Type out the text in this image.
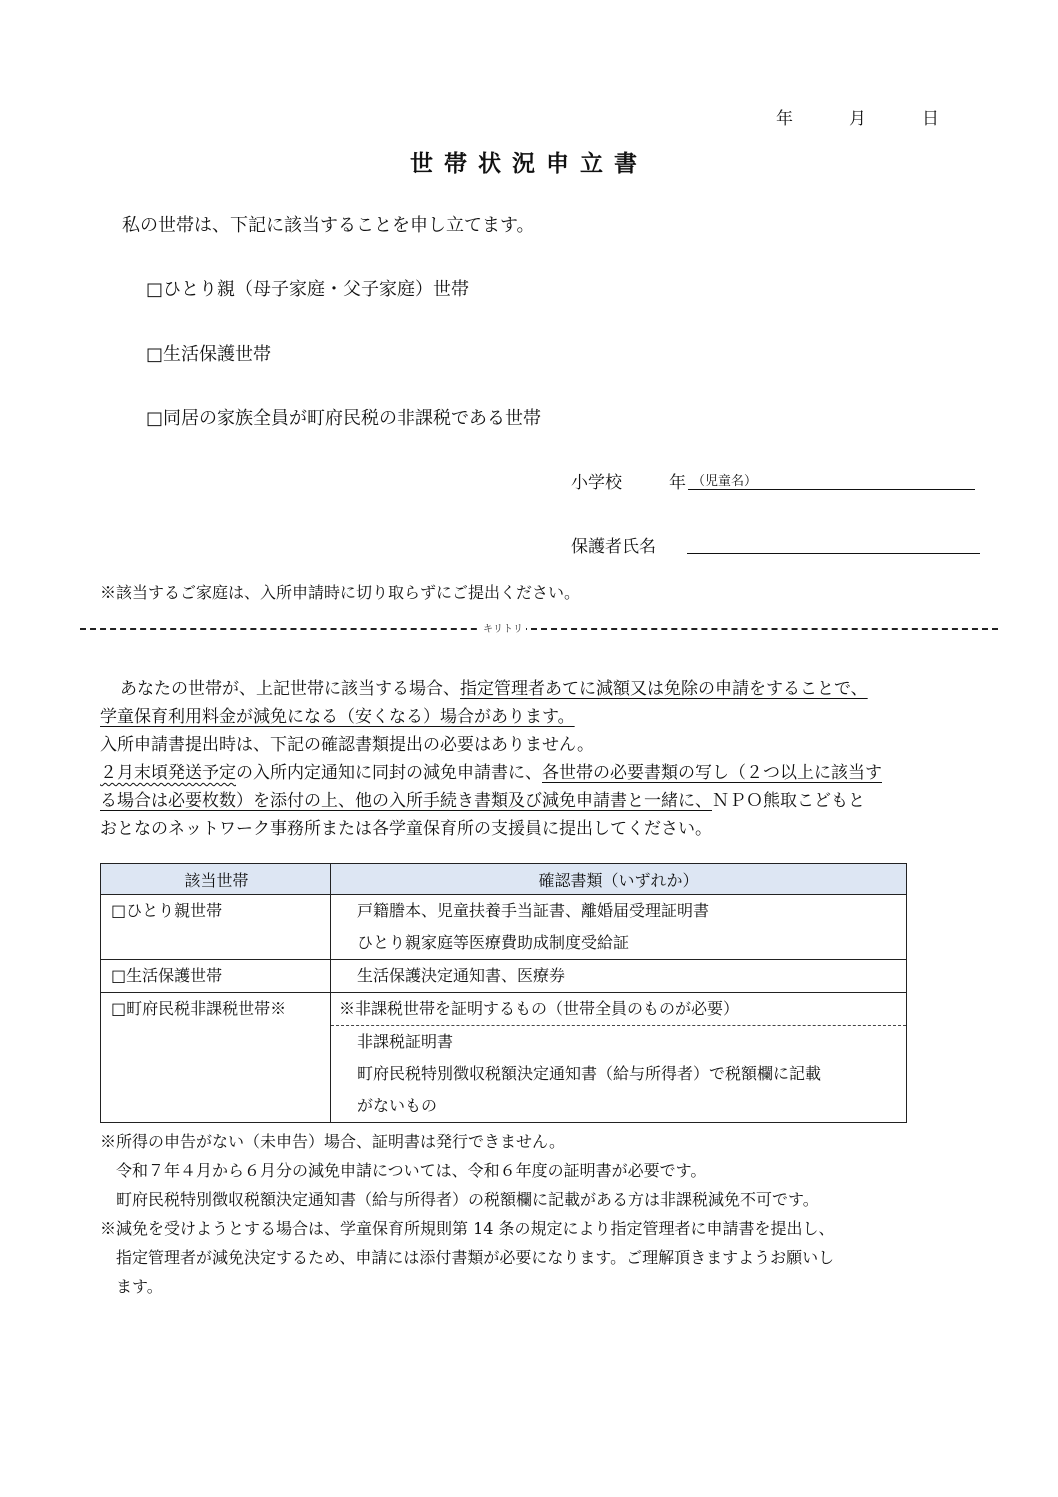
年	月	日
世帯状況申立書
私の世帯は、下記に該当することを申し立てます。
□ひとり親（母子家庭・父子家庭）世帯
□生活保護世帯
□同居の家族全員が町府民税の非課税である世帯
小学校	年 （児童名）
保護者氏名
※該当するご家庭は、入所申請時に切り取らずにご提出ください。
キリトリ
あなたの世帯が、上記世帯に該当する場合、指定管理者あてに減額又は免除の申請をすることで、
学童保育利用料金が減免になる（安くなる）場合があります。
入所申請書提出時は、下記の確認書類提出の必要はありません。
２月末頃発送予定の入所内定通知に同封の減免申請書に、各世帯の必要書類の写し（２つ以上に該当す
る場合は必要枚数）を添付の上、他の入所手続き書類及び減免申請書と一緒に、ＮＰＯ熊取こどもと
おとなのネットワーク事務所または各学童保育所の支援員に提出してください。
該当世帯	確認書類（いずれか）

□ひとり親世帯	戸籍謄本、児童扶養手当証書、離婚届受理証明書
ひとり親家庭等医療費助成制度受給証

□生活保護世帯	生活保護決定通知書、医療券

□町府民税非課税世帯※	※非課税世帯を証明するもの（世帯全員のものが必要）

	非課税証明書
町府民税特別徴収税額決定通知書（給与所得者）で税額欄に記載
がないもの
※所得の申告がない（未申告）場合、証明書は発行できません。
　令和７年４月から６月分の減免申請については、令和６年度の証明書が必要です。
　町府民税特別徴収税額決定通知書（給与所得者）の税額欄に記載がある方は非課税減免不可です。
※減免を受けようとする場合は、学童保育所規則第 14 条の規定により指定管理者に申請書を提出し、
　指定管理者が減免決定するため、申請には添付書類が必要になります。ご理解頂きますようお願いし
　ます。
